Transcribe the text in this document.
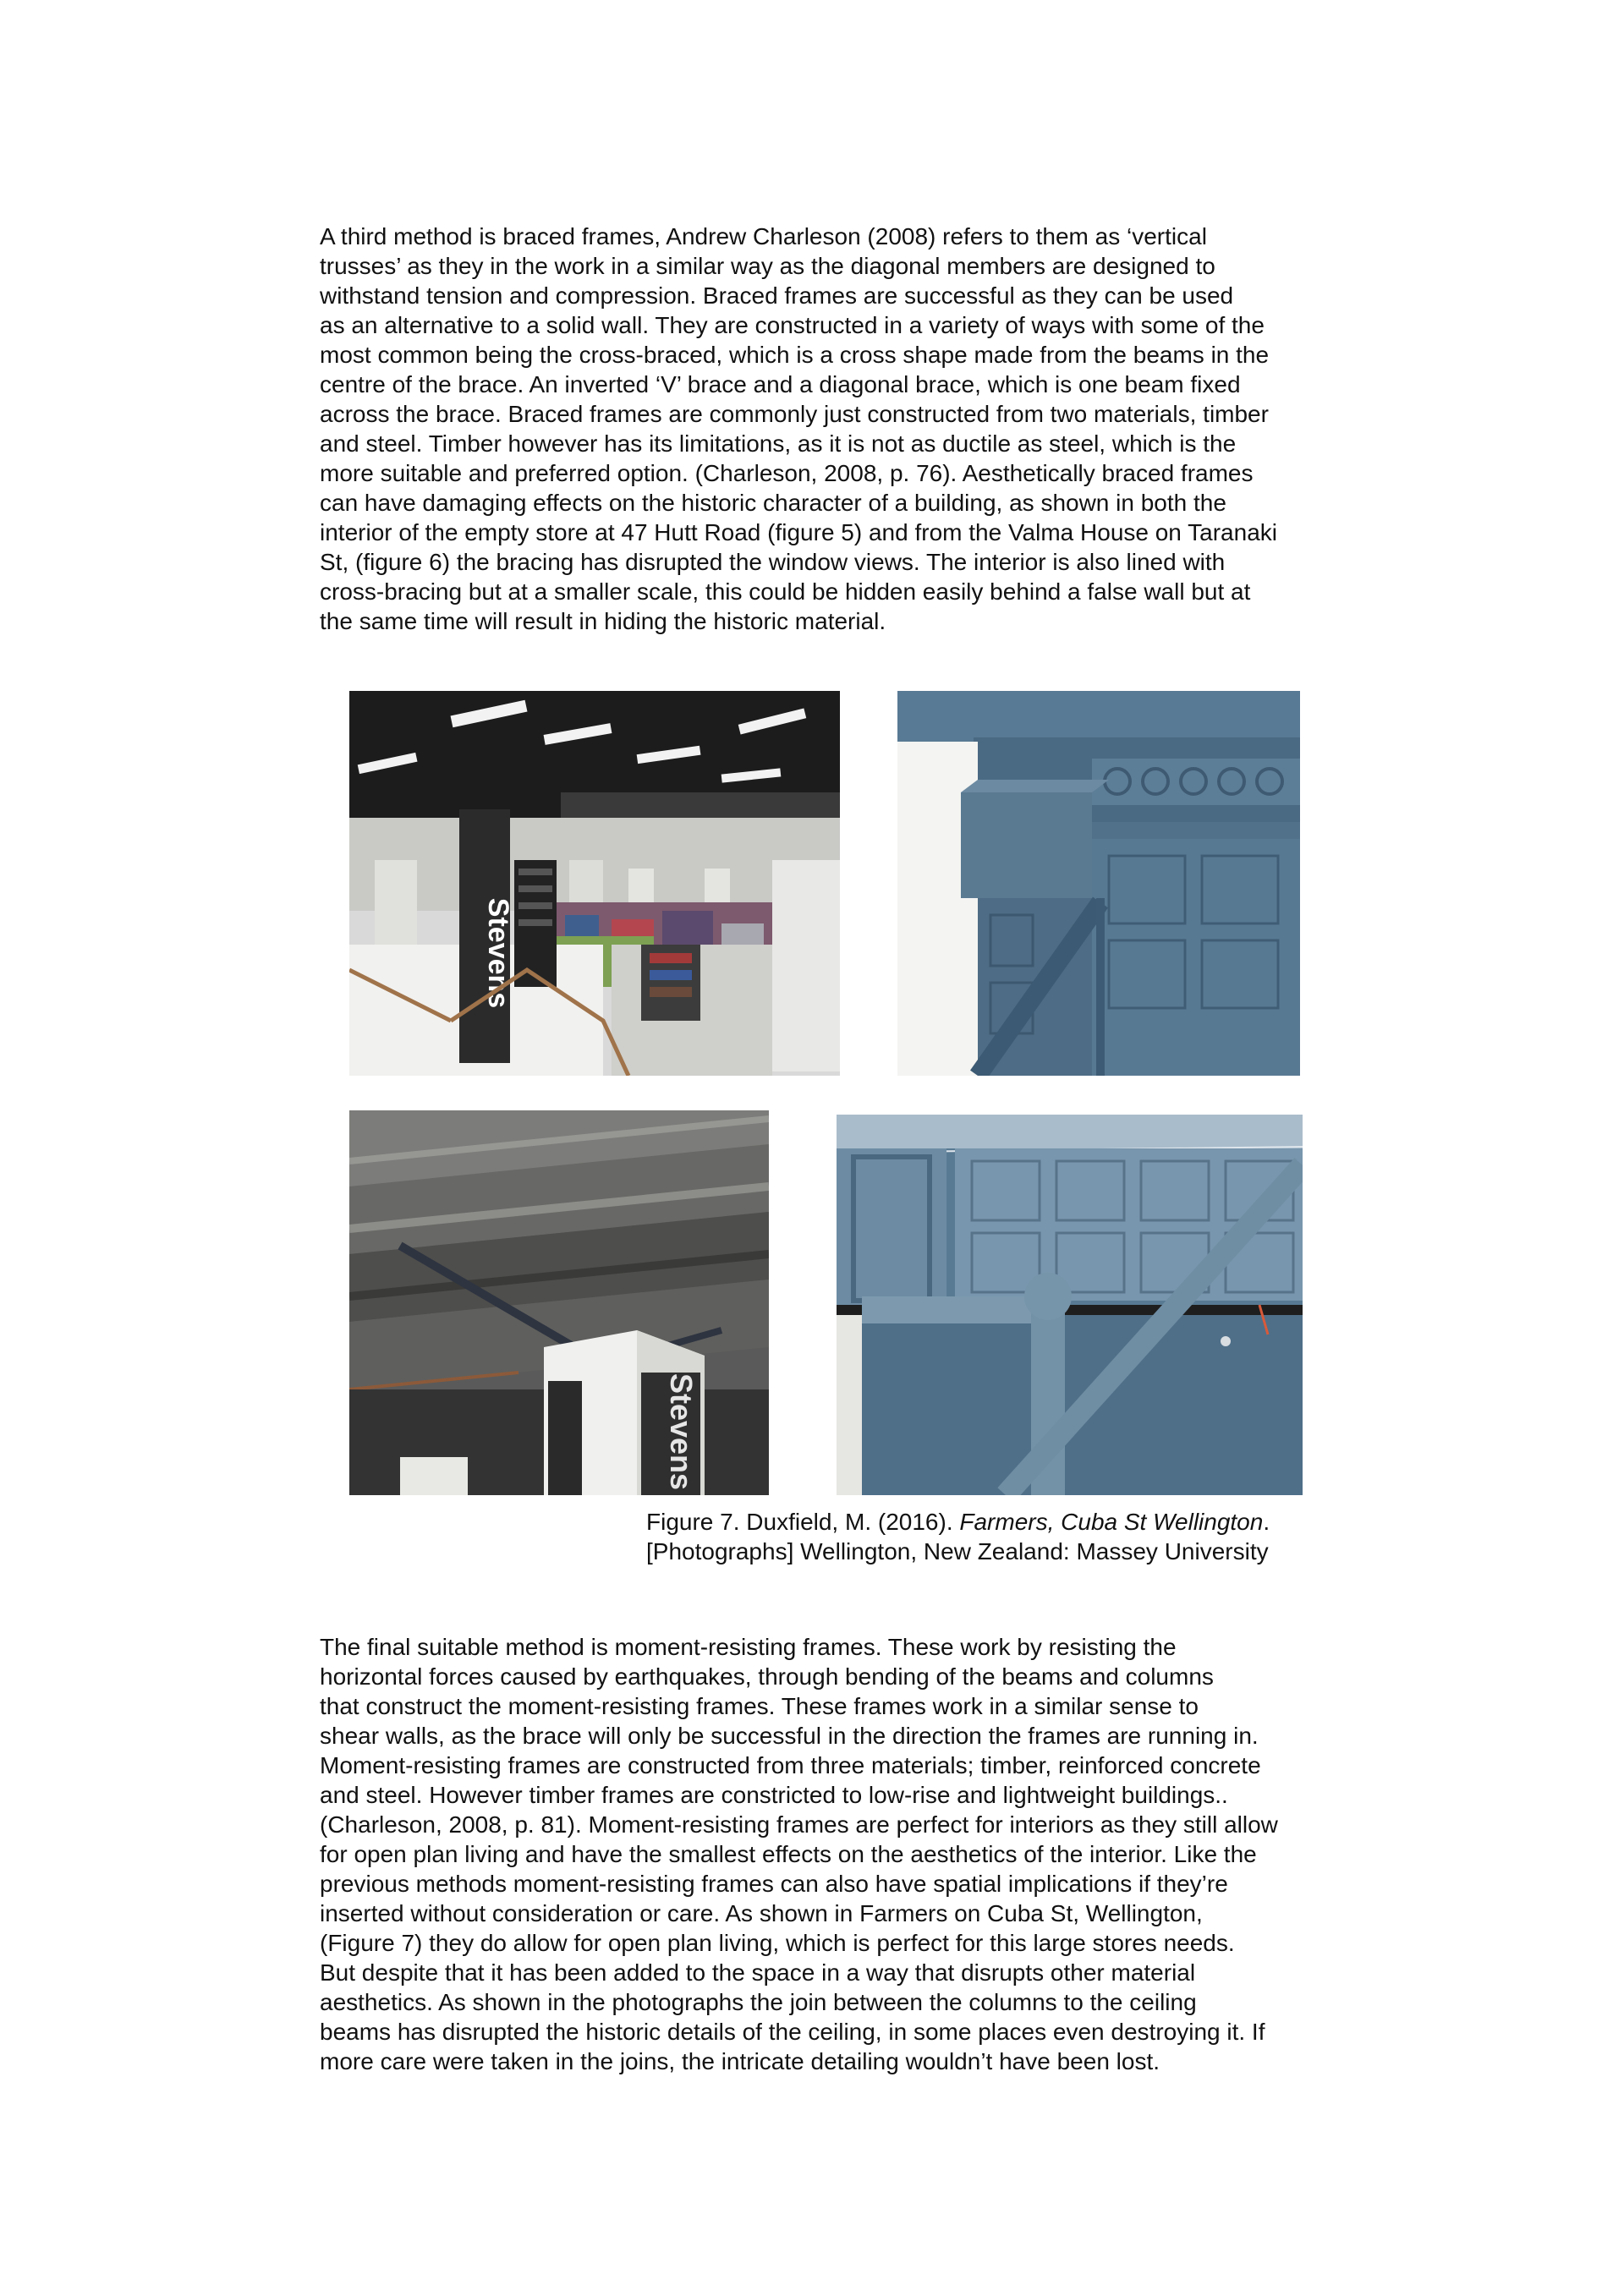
A third method is braced frames, Andrew Charleson (2008) refers to them as ‘vertical
trusses’ as they in the work in a similar way as the diagonal members are designed to
withstand tension and compression. Braced frames are successful as they can be used
as an alternative to a solid wall. They are constructed in a variety of ways with some of the
most common being the cross-braced, which is a cross shape made from the beams in the
centre of the brace. An inverted ‘V’ brace and a diagonal brace, which is one beam fixed
across the brace. Braced frames are commonly just constructed from two materials, timber
and steel. Timber however has its limitations, as it is not as ductile as steel, which is the
more suitable and preferred option. (Charleson, 2008, p. 76). Aesthetically braced frames
can have damaging effects on the historic character of a building, as shown in both the
interior of the empty store at 47 Hutt Road (figure 5) and from the Valma House on Taranaki
St, (figure 6) the bracing has disrupted the window views. The interior is also lined with
cross-bracing but at a smaller scale, this could be hidden easily behind a false wall but at
the same time will result in hiding the historic material.
Stevens
Stevens
Figure 7. Duxfield, M. (2016). Farmers, Cuba St Wellington.
[Photographs] Wellington, New Zealand: Massey University
The final suitable method is moment-resisting frames. These work by resisting the
horizontal forces caused by earthquakes, through bending of the beams and columns
that construct the moment-resisting frames. These frames work in a similar sense to
shear walls, as the brace will only be successful in the direction the frames are running in.
Moment-resisting frames are constructed from three materials; timber, reinforced concrete
and steel. However timber frames are constricted to low-rise and lightweight buildings..
(Charleson, 2008, p. 81). Moment-resisting frames are perfect for interiors as they still allow
for open plan living and have the smallest effects on the aesthetics of the interior. Like the
previous methods moment-resisting frames can also have spatial implications if they’re
inserted without consideration or care. As shown in Farmers on Cuba St, Wellington,
(Figure 7) they do allow for open plan living, which is perfect for this large stores needs.
But despite that it has been added to the space in a way that disrupts other material
aesthetics. As shown in the photographs the join between the columns to the ceiling
beams has disrupted the historic details of the ceiling, in some places even destroying it. If
more care were taken in the joins, the intricate detailing wouldn’t have been lost.
